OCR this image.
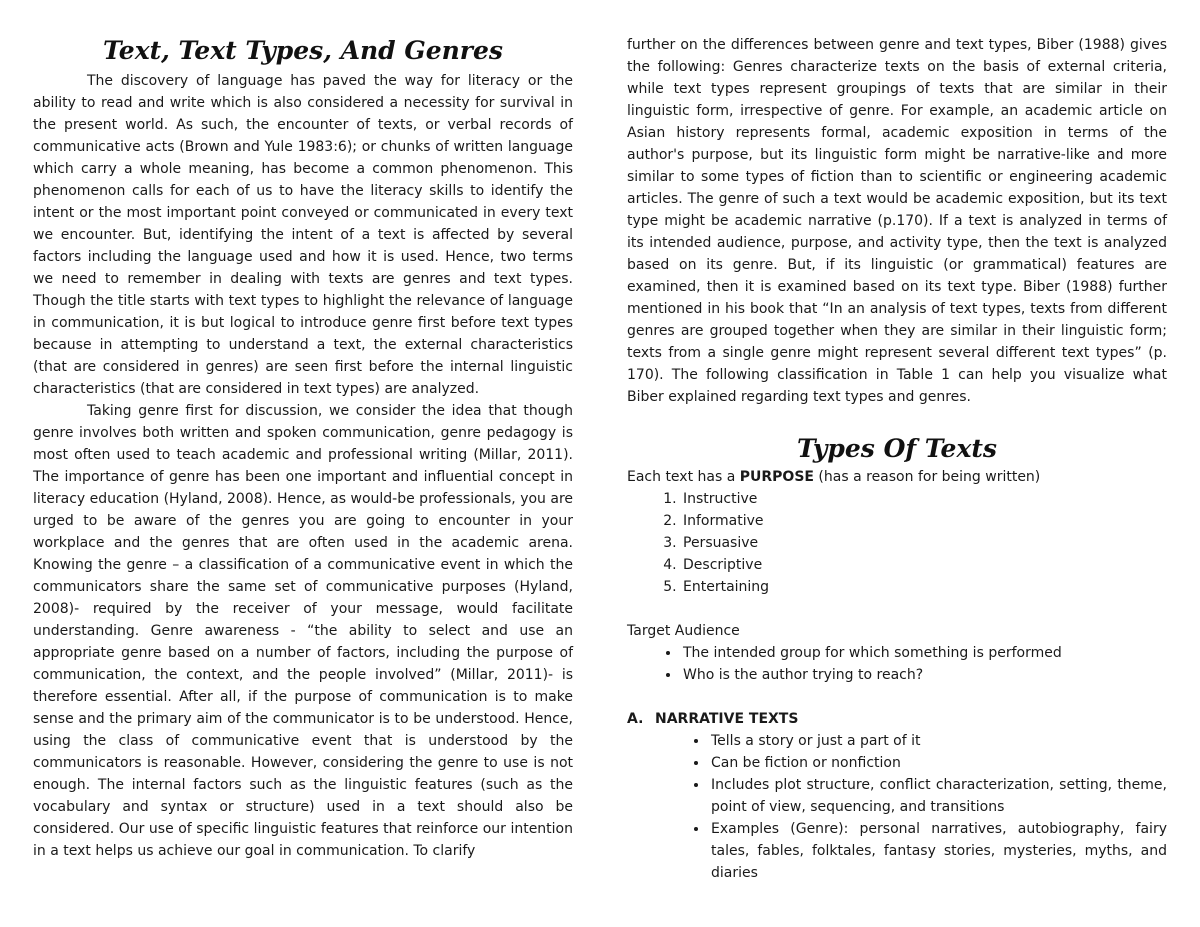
Text, Text Types, And Genres

The discovery of language has paved the way for literacy or the ability to read and write which is also considered a necessity for survival in the present world. As such, the encounter of texts, or verbal records of communicative acts (Brown and Yule 1983:6); or chunks of written language which carry a whole meaning, has become a common phenomenon. This phenomenon calls for each of us to have the literacy skills to identify the intent or the most important point conveyed or communicated in every text we encounter. But, identifying the intent of a text is affected by several factors including the language used and how it is used. Hence, two terms we need to remember in dealing with texts are genres and text types. Though the title starts with text types to highlight the relevance of language in communication, it is but logical to introduce genre first before text types because in attempting to understand a text, the external characteristics (that are considered in genres) are seen first before the internal linguistic characteristics (that are considered in text types) are analyzed.

Taking genre first for discussion, we consider the idea that though genre involves both written and spoken communication, genre pedagogy is most often used to teach academic and professional writing (Millar, 2011). The importance of genre has been one important and influential concept in literacy education (Hyland, 2008). Hence, as would-be professionals, you are urged to be aware of the genres you are going to encounter in your workplace and the genres that are often used in the academic arena. Knowing the genre – a classification of a communicative event in which the communicators share the same set of communicative purposes (Hyland, 2008)- required by the receiver of your message, would facilitate understanding. Genre awareness - “the ability to select and use an appropriate genre based on a number of factors, including the purpose of communication, the context, and the people involved” (Millar, 2011)- is therefore essential. After all, if the purpose of communication is to make sense and the primary aim of the communicator is to be understood. Hence, using the class of communicative event that is understood by the communicators is reasonable. However, considering the genre to use is not enough. The internal factors such as the linguistic features (such as the vocabulary and syntax or structure) used in a text should also be considered. Our use of specific linguistic features that reinforce our intention in a text helps us achieve our goal in communication. To clarify

further on the differences between genre and text types, Biber (1988) gives the following: Genres characterize texts on the basis of external criteria, while text types represent groupings of texts that are similar in their linguistic form, irrespective of genre. For example, an academic article on Asian history represents formal, academic exposition in terms of the author's purpose, but its linguistic form might be narrative-like and more similar to some types of fiction than to scientific or engineering academic articles. The genre of such a text would be academic exposition, but its text type might be academic narrative (p.170). If a text is analyzed in terms of its intended audience, purpose, and activity type, then the text is analyzed based on its genre. But, if its linguistic (or grammatical) features are examined, then it is examined based on its text type. Biber (1988) further mentioned in his book that “In an analysis of text types, texts from different genres are grouped together when they are similar in their linguistic form; texts from a single genre might represent several different text types” (p. 170). The following classification in Table 1 can help you visualize what Biber explained regarding text types and genres.

Types Of Texts

Each text has a PURPOSE (has a reason for being written)

1. Instructive
2. Informative
3. Persuasive
4. Descriptive
5. Entertaining

Target Audience

• The intended group for which something is performed
• Who is the author trying to reach?
A. NARRATIVE TEXTS
• Tells a story or just a part of it
• Can be fiction or nonfiction
• Includes plot structure, conflict characterization, setting, theme, point of view, sequencing, and transitions
• Examples (Genre): personal narratives, autobiography, fairy tales, fables, folktales, fantasy stories, mysteries, myths, and diaries
